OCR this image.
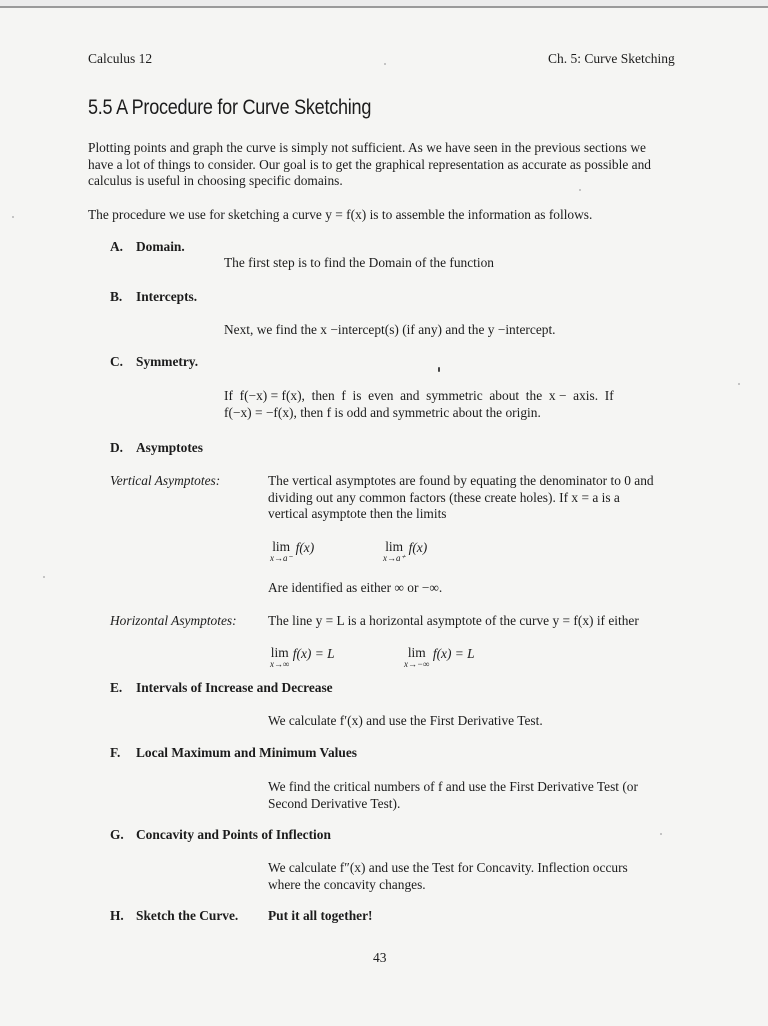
Calculus 12	Ch. 5: Curve Sketching
5.5 A Procedure for Curve Sketching
Plotting points and graph the curve is simply not sufficient. As we have seen in the previous sections we
have a lot of things to consider. Our goal is to get the graphical representation as accurate as possible and
calculus is useful in choosing specific domains.
The procedure we use for sketching a curve y = f(x) is to assemble the information as follows.
A. Domain.
The first step is to find the Domain of the function
B. Intercepts.
Next, we find the x −intercept(s) (if any) and the y −intercept.
C. Symmetry.
If  f(−x) = f(x),  then  f  is  even  and  symmetric  about  the  x −  axis.  If
f(−x) = −f(x), then f is odd and symmetric about the origin.
D. Asymptotes
Vertical Asymptotes:	The vertical asymptotes are found by equating the denominator to 0 and
dividing out any common factors (these create holes). If x = a is a
vertical asymptote then the limits
lim
x→a⁻
f(x)	lim
x→a⁺
f(x)
Are identified as either ∞ or −∞.
Horizontal Asymptotes: The line y = L is a horizontal asymptote of the curve y = f(x) if either
lim
x→∞
f(x) = L	lim
x→−∞
f(x) = L
E. Intervals of Increase and Decrease
We calculate f′(x) and use the First Derivative Test.
F. Local Maximum and Minimum Values
We find the critical numbers of f and use the First Derivative Test (or
Second Derivative Test).
G. Concavity and Points of Inflection
We calculate f″(x) and use the Test for Concavity. Inflection occurs
where the concavity changes.
H. Sketch the Curve. Put it all together!
43
